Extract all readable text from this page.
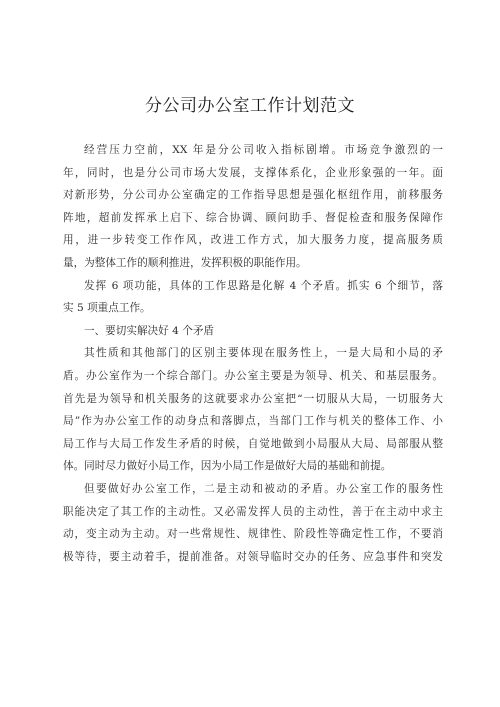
分公司办公室工作计划范文
经营压力空前，XX 年是分公司收入指标剧增。市场竞争激烈的一
年，同时，也是分公司市场大发展，支撑体系化，企业形象强的一年。面
对新形势，分公司办公室确定的工作指导思想是强化枢纽作用，前移服务
阵地，超前发挥承上启下、综合协调、顾问助手、督促检查和服务保障作
用，进一步转变工作作风，改进工作方式，加大服务力度，提高服务质
量，为整体工作的顺利推进，发挥积极的职能作用。
发挥 6 项功能，具体的工作思路是化解 4 个矛盾。抓实 6 个细节，落
实 5 项重点工作。
一、要切实解决好 4 个矛盾
其性质和其他部门的区别主要体现在服务性上，一是大局和小局的矛
盾。办公室作为一个综合部门。办公室主要是为领导、机关、和基层服务。
首先是为领导和机关服务的这就要求办公室把“一切服从大局，一切服务大
局”作为办公室工作的动身点和落脚点，当部门工作与机关的整体工作、小
局工作与大局工作发生矛盾的时候，自觉地做到小局服从大局、局部服从整
体。同时尽力做好小局工作，因为小局工作是做好大局的基础和前提。
但要做好办公室工作，二是主动和被动的矛盾。办公室工作的服务性
职能决定了其工作的主动性。又必需发挥人员的主动性，善于在主动中求主
动，变主动为主动。对一些常规性、规律性、阶段性等确定性工作，不要消
极等待，要主动着手，提前准备。对领导临时交办的任务、应急事件和突发
